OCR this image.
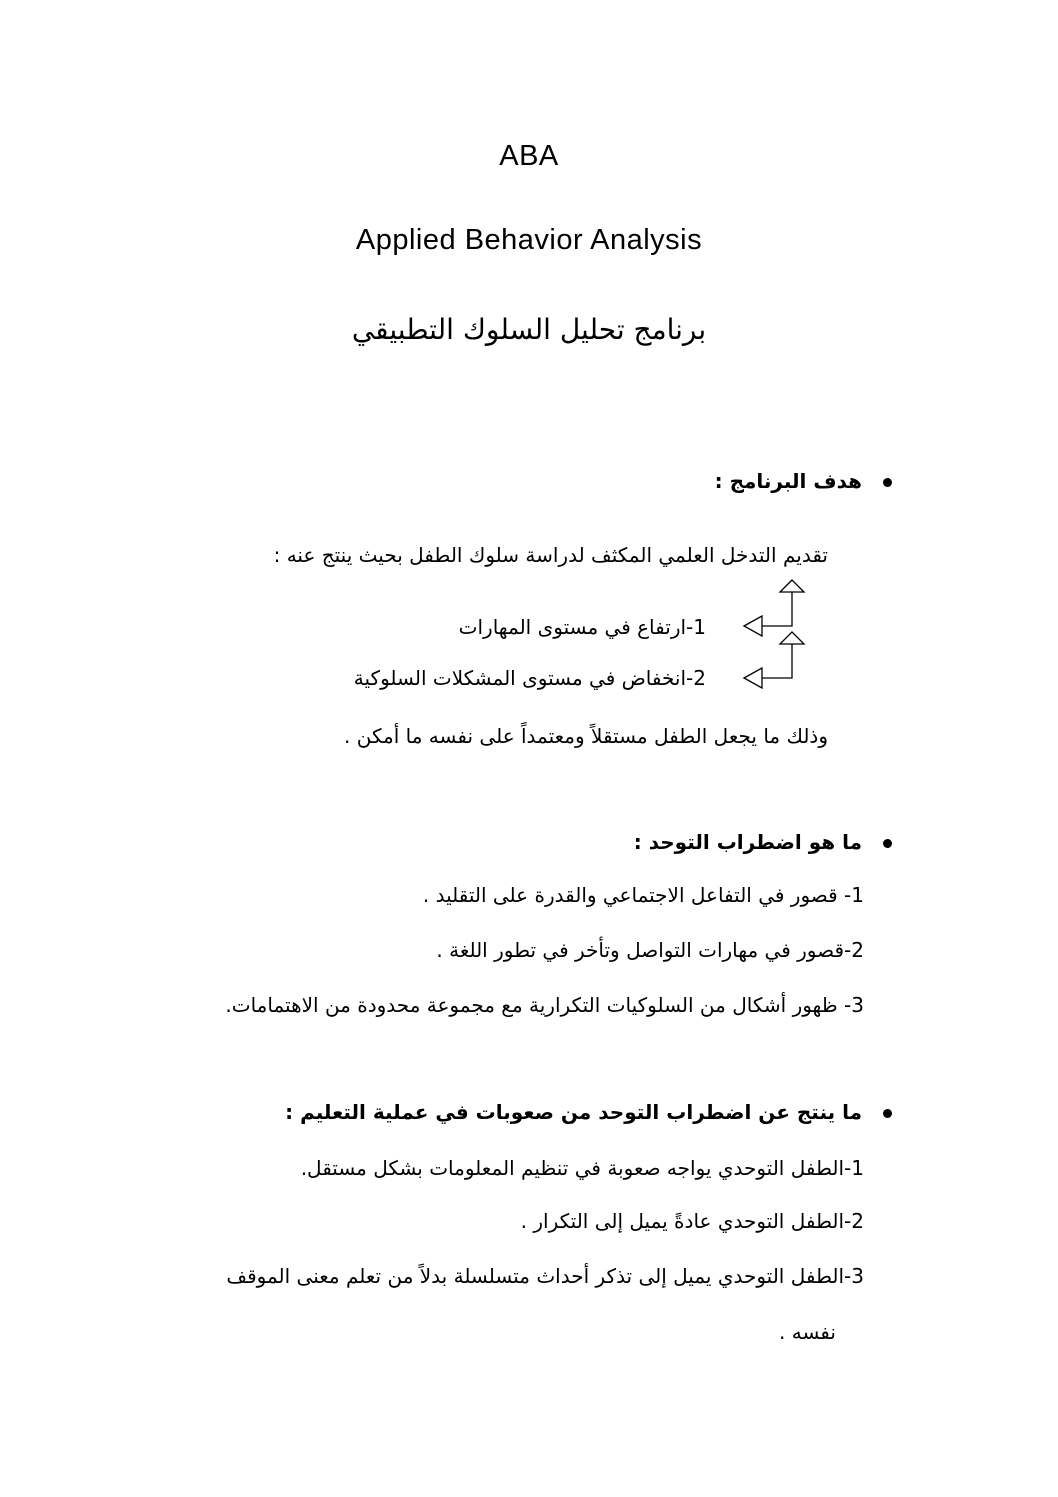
ABA
Applied Behavior Analysis
برنامج تحليل السلوك التطبيقي
هدف البرنامج :
تقديم التدخل العلمي المكثف لدراسة سلوك الطفل بحيث ينتج عنه :
1-ارتفاع في مستوى المهارات
2-انخفاض في مستوى المشكلات السلوكية
وذلك ما يجعل الطفل مستقلاً ومعتمداً على نفسه ما أمكن .
ما هو اضطراب التوحد :
1- قصور في التفاعل الاجتماعي والقدرة على التقليد .
2-قصور في مهارات التواصل وتأخر في تطور اللغة .
3- ظهور أشكال من السلوكيات التكرارية مع مجموعة محدودة من الاهتمامات.
ما ينتج عن اضطراب التوحد من صعوبات في عملية التعليم :
1-الطفل التوحدي يواجه صعوبة في تنظيم المعلومات بشكل مستقل.
2-الطفل التوحدي عادةً يميل إلى التكرار .
3-الطفل التوحدي يميل إلى تذكر أحداث متسلسلة بدلاً من تعلم معنى الموقف
نفسه .
